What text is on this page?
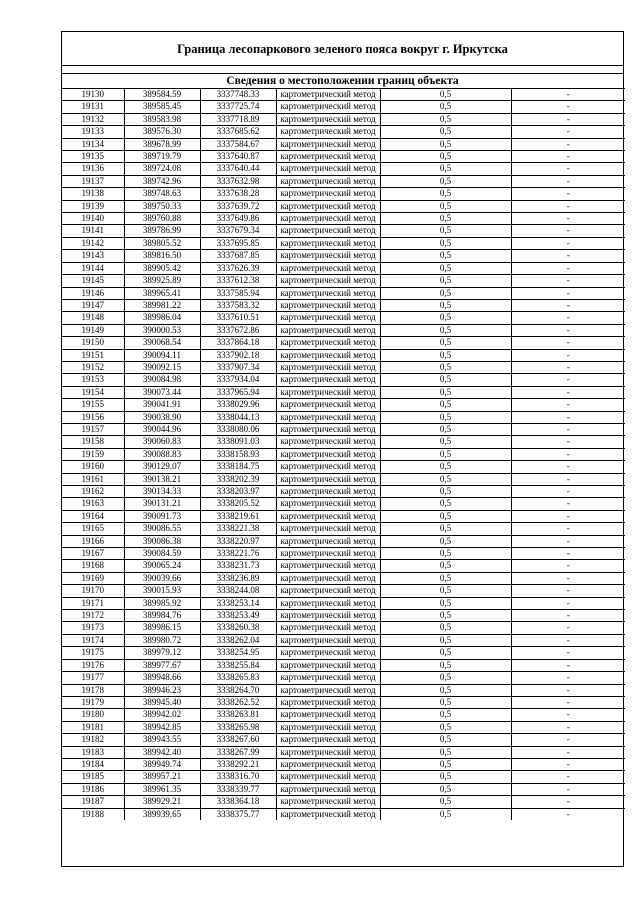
Граница лесопаркового зеленого пояса вокруг г. Иркутска
Сведения о местоположении границ объекта
19130	389584.59	3337748.33	картометрический метод	0,5	-
19131	389585.45	3337725.74	картометрический метод	0,5	-
19132	389583.98	3337718.89	картометрический метод	0,5	-
19133	389576.30	3337685.62	картометрический метод	0,5	-
19134	389678.99	3337584.67	картометрический метод	0,5	-
19135	389719.79	3337640.87	картометрический метод	0,5	-
19136	389724.08	3337640.44	картометрический метод	0,5	-
19137	389742.96	3337632.98	картометрический метод	0,5	-
19138	389748.63	3337638.28	картометрический метод	0,5	-
19139	389750.33	3337639.72	картометрический метод	0,5	-
19140	389760.88	3337649.86	картометрический метод	0,5	-
19141	389786.99	3337679.34	картометрический метод	0,5	-
19142	389805.52	3337695.85	картометрический метод	0,5	-
19143	389816.50	3337687.85	картометрический метод	0,5	-
19144	389905.42	3337626.39	картометрический метод	0,5	-
19145	389925.89	3337612.38	картометрический метод	0,5	-
19146	389965.41	3337585.94	картометрический метод	0,5	-
19147	389981.22	3337583.32	картометрический метод	0,5	-
19148	389986.04	3337610.51	картометрический метод	0,5	-
19149	390000.53	3337672.86	картометрический метод	0,5	-
19150	390068.54	3337864.18	картометрический метод	0,5	-
19151	390094.11	3337902.18	картометрический метод	0,5	-
19152	390092.15	3337907.34	картометрический метод	0,5	-
19153	390084.98	3337934.04	картометрический метод	0,5	-
19154	390073.44	3337965.94	картометрический метод	0,5	-
19155	390041.91	3338029.96	картометрический метод	0,5	-
19156	390038.90	3338044.13	картометрический метод	0,5	-
19157	390044.96	3338080.06	картометрический метод	0,5	-
19158	390060.83	3338091.03	картометрический метод	0,5	-
19159	390088.83	3338158.93	картометрический метод	0,5	-
19160	390129.07	3338184.75	картометрический метод	0,5	-
19161	390138.21	3338202.39	картометрический метод	0,5	-
19162	390134.33	3338203.97	картометрический метод	0,5	-
19163	390131.21	3338205.52	картометрический метод	0,5	-
19164	390091.73	3338219.61	картометрический метод	0,5	-
19165	390086.55	3338221.38	картометрический метод	0,5	-
19166	390086.38	3338220.97	картометрический метод	0,5	-
19167	390084.59	3338221.76	картометрический метод	0,5	-
19168	390065.24	3338231.73	картометрический метод	0,5	-
19169	390039.66	3338236.89	картометрический метод	0,5	-
19170	390015.93	3338244.08	картометрический метод	0,5	-
19171	389985.92	3338253.14	картометрический метод	0,5	-
19172	389984.76	3338253.49	картометрический метод	0,5	-
19173	389986.15	3338260.38	картометрический метод	0,5	-
19174	389980.72	3338262.04	картометрический метод	0,5	-
19175	389979.12	3338254.95	картометрический метод	0,5	-
19176	389977.67	3338255.84	картометрический метод	0,5	-
19177	389948.66	3338265.83	картометрический метод	0,5	-
19178	389946.23	3338264.70	картометрический метод	0,5	-
19179	389945.40	3338262.52	картометрический метод	0,5	-
19180	389942.02	3338263.81	картометрический метод	0,5	-
19181	389942.85	3338265.98	картометрический метод	0,5	-
19182	389943.55	3338267.60	картометрический метод	0,5	-
19183	389942.40	3338267.99	картометрический метод	0,5	-
19184	389949.74	3338292.21	картометрический метод	0,5	-
19185	389957.21	3338316.70	картометрический метод	0,5	-
19186	389961.35	3338339.77	картометрический метод	0,5	-
19187	389929.21	3338364.18	картометрический метод	0,5	-
19188	389939.65	3338375.77	картометрический метод	0,5	-
